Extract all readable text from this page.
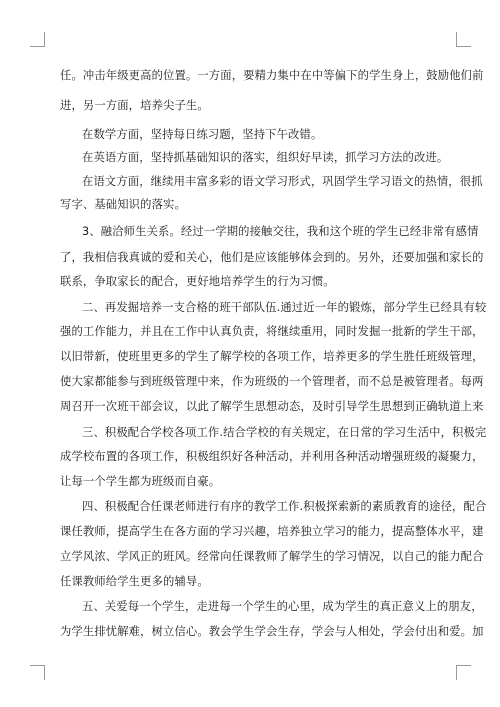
任。冲击年级更高的位置。一方面，要精力集中在中等偏下的学生身上，鼓励他们前
进，另一方面，培养尖子生。
在数学方面，坚持每日练习题，坚持下午改错。
在英语方面，坚持抓基础知识的落实，组织好早读，抓学习方法的改进。
在语文方面，继续用丰富多彩的语文学习形式，巩固学生学习语文的热情，很抓
写字、基础知识的落实。
3、融洽师生关系。经过一学期的接触交往，我和这个班的学生已经非常有感情
了，我相信我真诚的爱和关心，他们是应该能够体会到的。另外，还要加强和家长的
联系，争取家长的配合，更好地培养学生的行为习惯。
二、再发掘培养一支合格的班干部队伍.通过近一年的锻炼，部分学生已经具有较
强的工作能力，并且在工作中认真负责，将继续重用，同时发掘一批新的学生干部，
以旧带新，使班里更多的学生了解学校的各项工作，培养更多的学生胜任班级管理，
使大家都能参与到班级管理中来，作为班级的一个管理者，而不总是被管理者。每两
周召开一次班干部会议，以此了解学生思想动态，及时引导学生思想到正确轨道上来
三、积极配合学校各项工作.结合学校的有关规定，在日常的学习生活中，积极完
成学校布置的各项工作，积极组织好各种活动，并利用各种活动增强班级的凝聚力，
让每一个学生都为班级而自豪。
四、积极配合任课老师进行有序的教学工作.积极探索新的素质教育的途径，配合
课任教师，提高学生在各方面的学习兴趣，培养独立学习的能力，提高整体水平，建
立学风浓、学风正的班风。经常向任课教师了解学生的学习情况，以自己的能力配合
任课教师给学生更多的辅导。
五、关爱每一个学生，走进每一个学生的心里，成为学生的真正意义上的朋友，
为学生排忧解难，树立信心。教会学生学会生存，学会与人相处，学会付出和爱。加
